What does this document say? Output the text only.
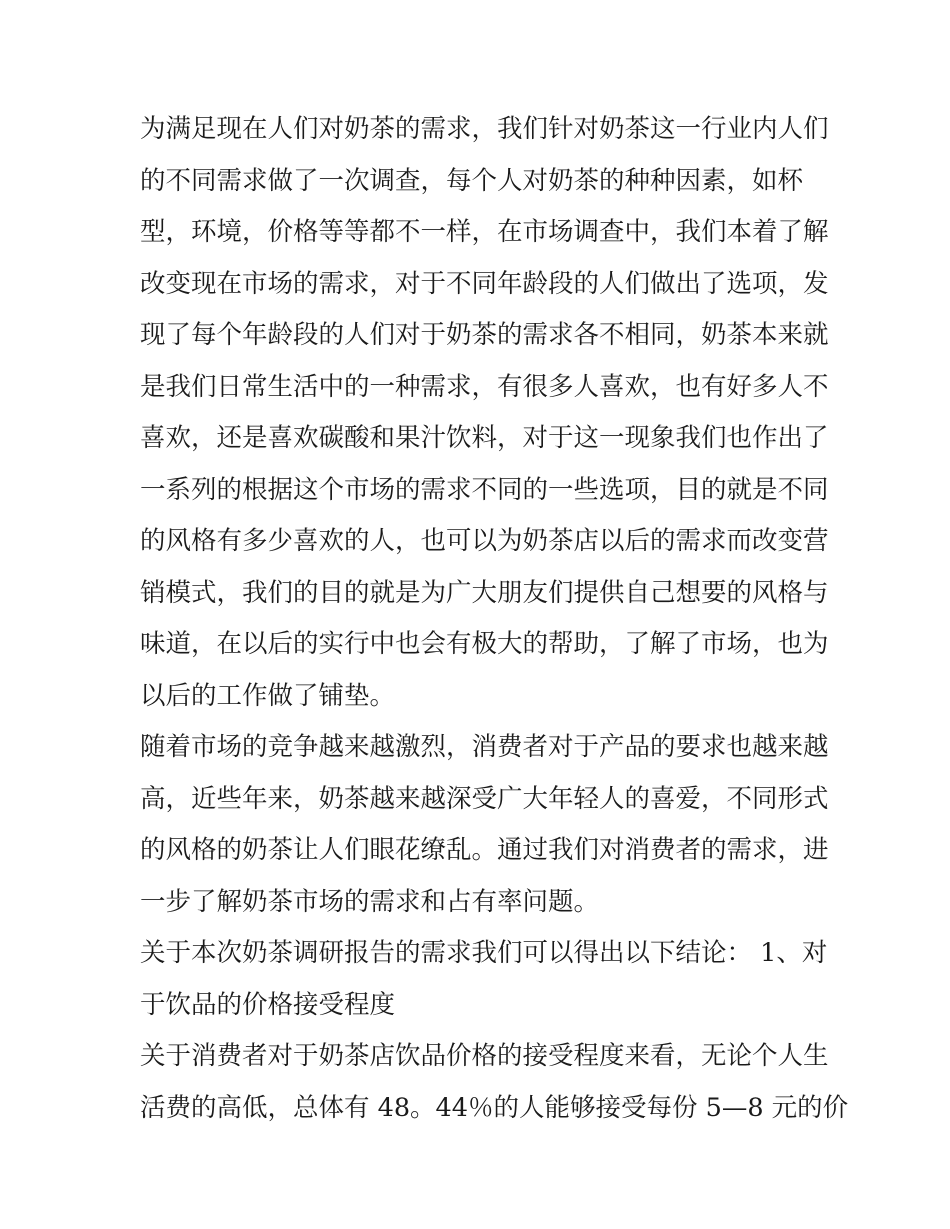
为满足现在人们对奶茶的需求，我们针对奶茶这一行业内人们
的不同需求做了一次调查，每个人对奶茶的种种因素，如杯
型，环境，价格等等都不一样，在市场调查中，我们本着了解
改变现在市场的需求，对于不同年龄段的人们做出了选项，发
现了每个年龄段的人们对于奶茶的需求各不相同，奶茶本来就
是我们日常生活中的一种需求，有很多人喜欢，也有好多人不
喜欢，还是喜欢碳酸和果汁饮料，对于这一现象我们也作出了
一系列的根据这个市场的需求不同的一些选项，目的就是不同
的风格有多少喜欢的人，也可以为奶茶店以后的需求而改变营
销模式，我们的目的就是为广大朋友们提供自己想要的风格与
味道，在以后的实行中也会有极大的帮助，了解了市场，也为
以后的工作做了铺垫。
随着市场的竞争越来越激烈，消费者对于产品的要求也越来越
高，近些年来，奶茶越来越深受广大年轻人的喜爱，不同形式
的风格的奶茶让人们眼花缭乱。通过我们对消费者的需求，进
一步了解奶茶市场的需求和占有率问题。
关于本次奶茶调研报告的需求我们可以得出以下结论： 1、对
于饮品的价格接受程度
关于消费者对于奶茶店饮品价格的接受程度来看，无论个人生
活费的高低，总体有 48。44％的人能够接受每份 5—8 元的价
